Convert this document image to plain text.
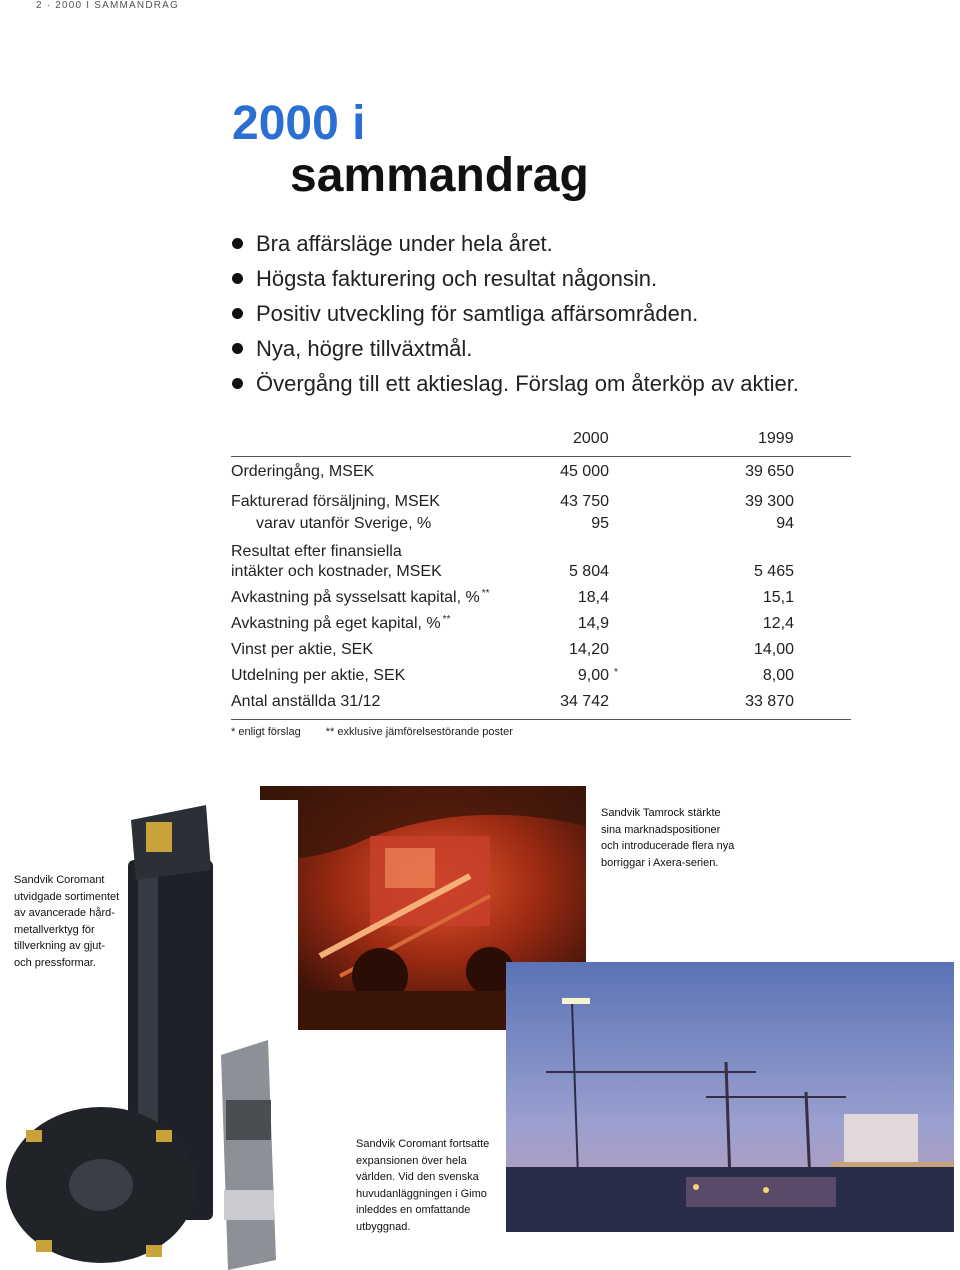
2 · 2000 I SAMMANDRAG
2000 i
sammandrag
Bra affärsläge under hela året.
Högsta fakturering och resultat någonsin.
Positiv utveckling för samtliga affärsområden.
Nya, högre tillväxtmål.
Övergång till ett aktieslag. Förslag om återköp av aktier.
2000	1999
Orderingång, MSEK	45 000	39 650
Fakturerad försäljning, MSEK	43 750	39 300
varav utanför Sverige, %	95	94
Resultat efter finansiella
intäkter och kostnader, MSEK	5 804	5 465
Avkastning på sysselsatt kapital, % **	18,4	15,1
Avkastning på eget kapital, % **	14,9	12,4
Vinst per aktie, SEK	14,20	14,00
Utdelning per aktie, SEK	9,00 *	8,00
Antal anställda 31/12	34 742	33 870
* enligt förslag ** exklusive jämförelsestörande poster
Sandvik Tamrock stärkte
sina marknadspositioner
och introducerade flera nya
borriggar i Axera-serien.
Sandvik Coromant
utvidgade sortimentet
av avancerade hård-
metallverktyg för
tillverkning av gjut-
och pressformar.
Sandvik Coromant fortsatte
expansionen över hela
världen. Vid den svenska
huvudanläggningen i Gimo
inleddes en omfattande
utbyggnad.
